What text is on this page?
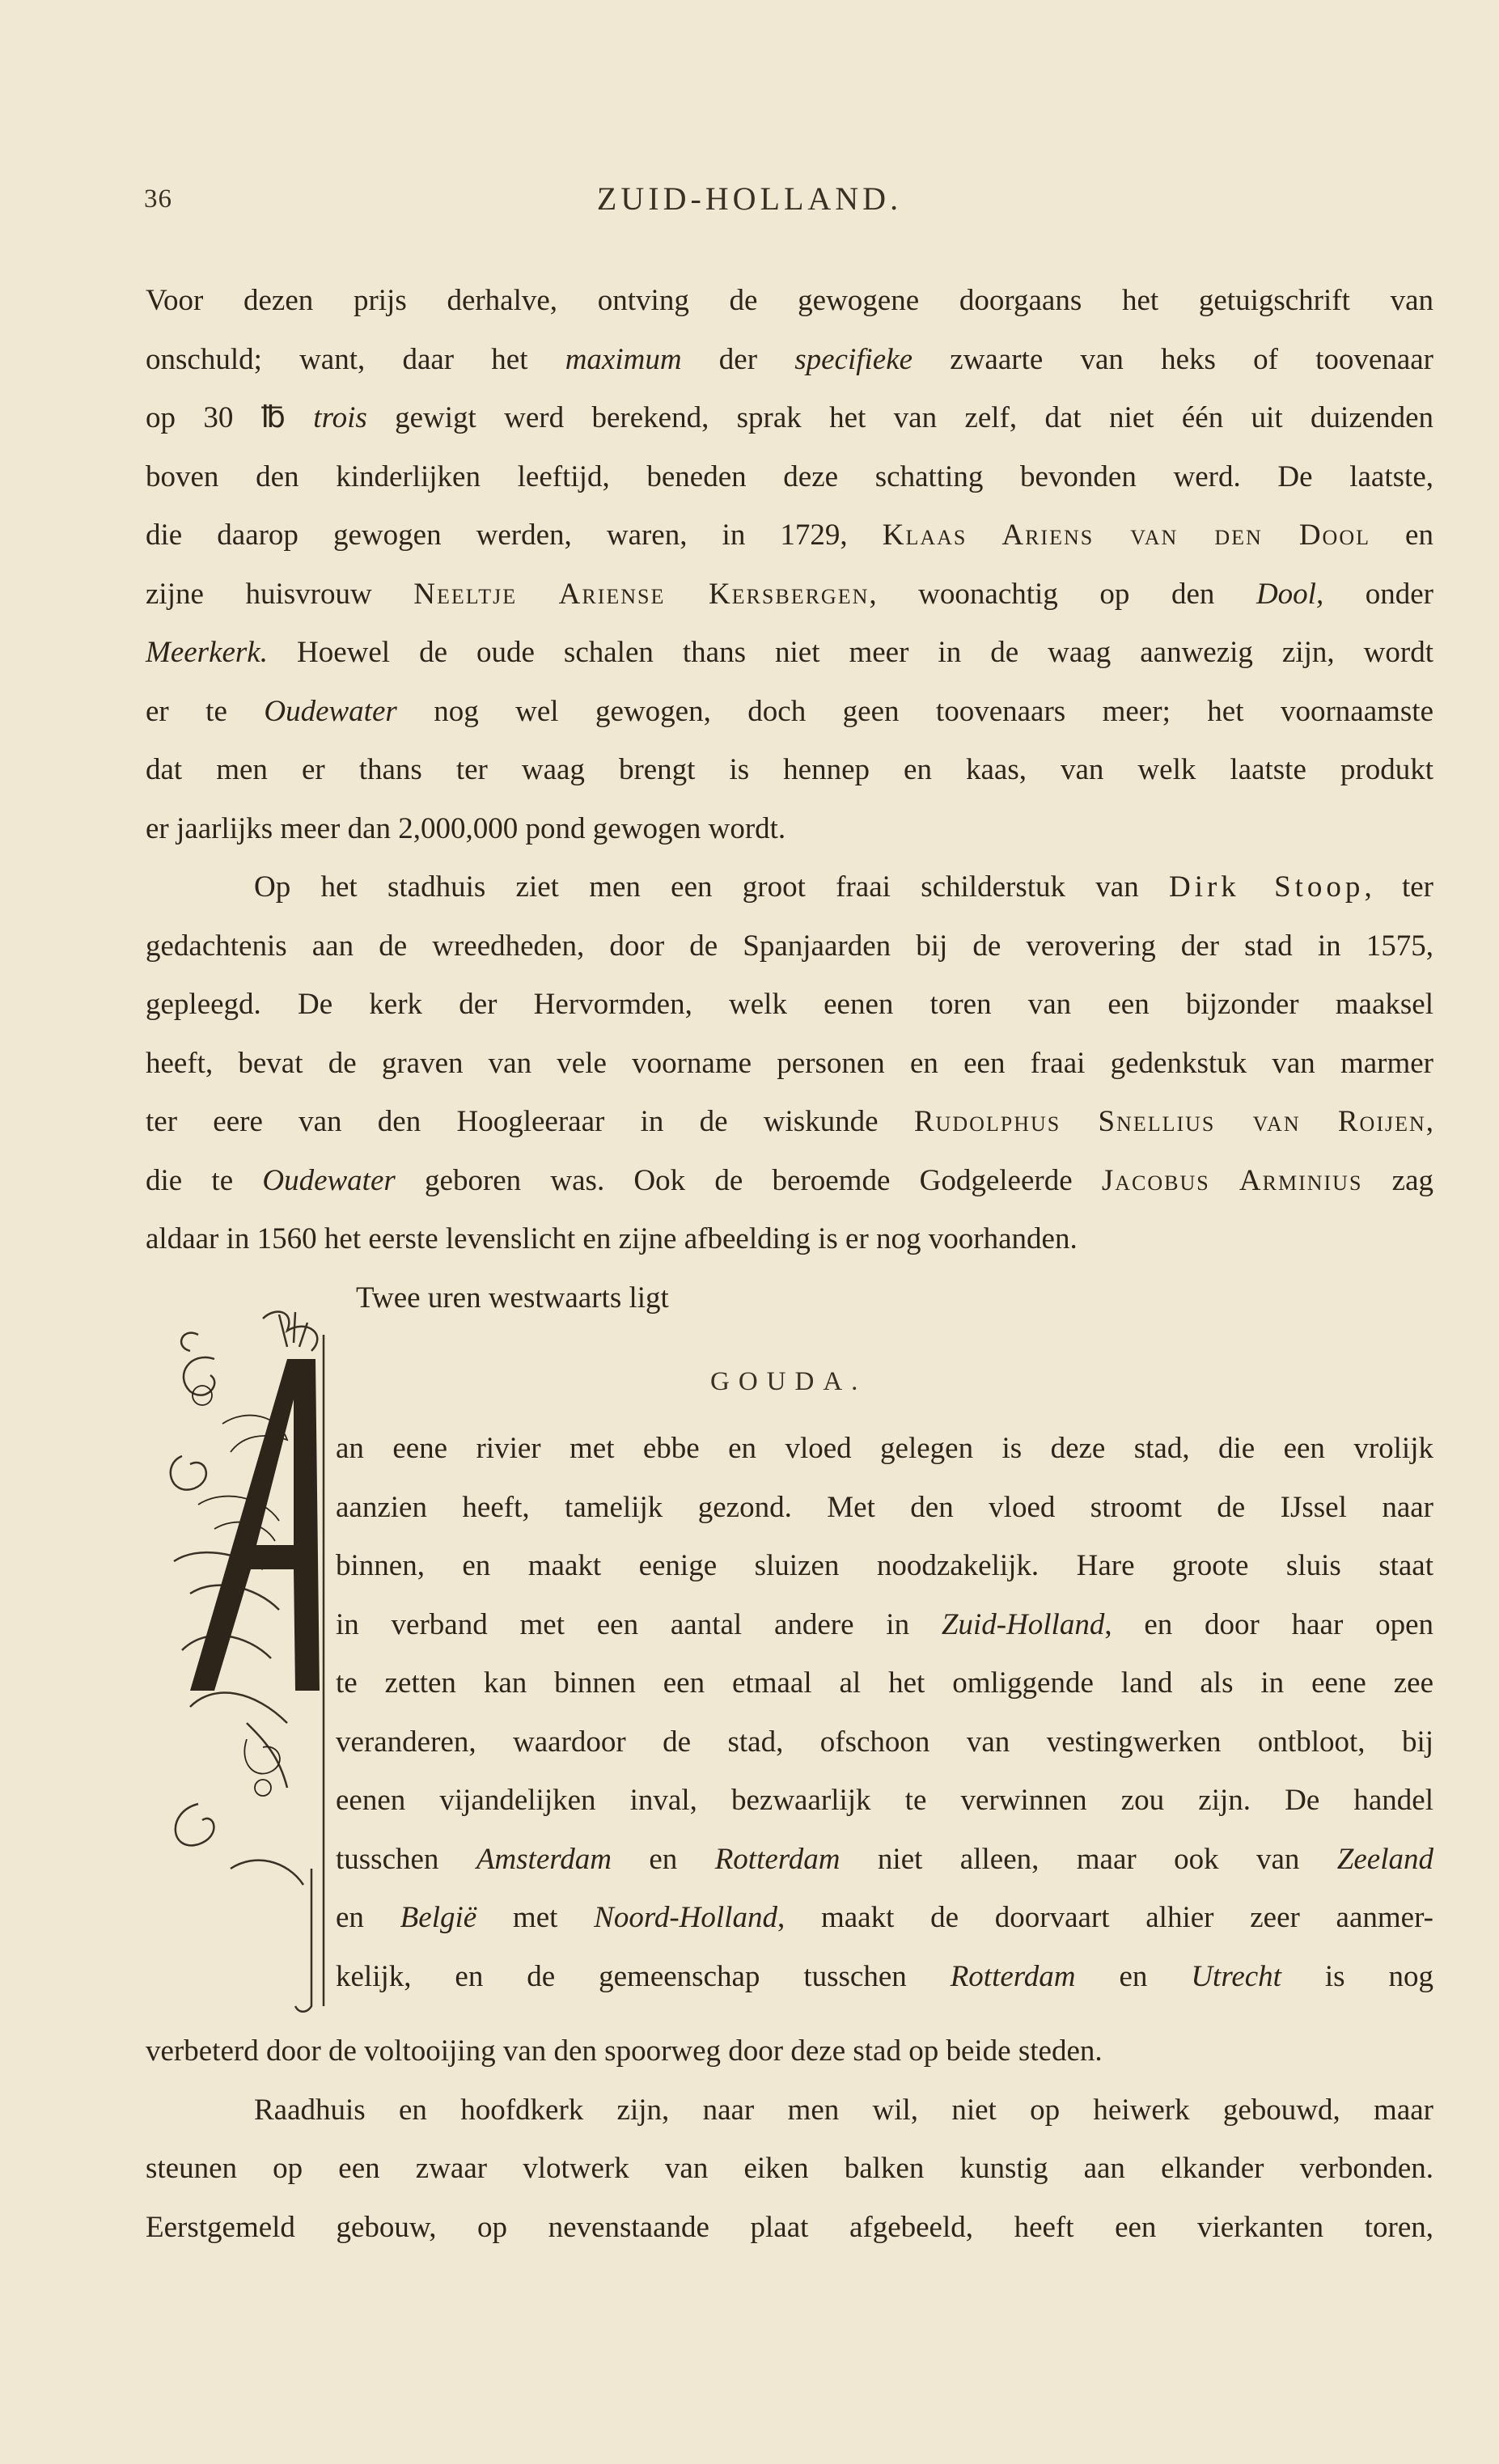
36	ZUID-HOLLAND.
Voor dezen prijs derhalve, ontving de gewogene doorgaans het getuigschrift van
onschuld; want, daar het maximum der specifieke zwaarte van heks of toovenaar
op 30 ℔ trois gewigt werd berekend, sprak het van zelf, dat niet één uit duizenden
boven den kinderlijken leeftijd, beneden deze schatting bevonden werd. De laatste,
die daarop gewogen werden, waren, in 1729, Klaas Ariens van den Dool en
zijne huisvrouw Neeltje Ariense Kersbergen, woonachtig op den Dool, onder
Meerkerk. Hoewel de oude schalen thans niet meer in de waag aanwezig zijn, wordt
er te Oudewater nog wel gewogen, doch geen toovenaars meer; het voornaamste
dat men er thans ter waag brengt is hennep en kaas, van welk laatste produkt
er jaarlijks meer dan 2,000,000 pond gewogen wordt.
Op het stadhuis ziet men een groot fraai schilderstuk van Dirk Stoop, ter
gedachtenis aan de wreedheden, door de Spanjaarden bij de verovering der stad in 1575,
gepleegd. De kerk der Hervormden, welk eenen toren van een bijzonder maaksel
heeft, bevat de graven van vele voorname personen en een fraai gedenkstuk van marmer
ter eere van den Hoogleeraar in de wiskunde Rudolphus Snellius van Roijen,
die te Oudewater geboren was. Ook de beroemde Godgeleerde Jacobus Arminius zag
aldaar in 1560 het eerste levenslicht en zijne afbeelding is er nog voorhanden.
Twee uren westwaarts ligt
A
GOUDA.
an eene rivier met ebbe en vloed gelegen is deze stad, die een vrolijk
aanzien heeft, tamelijk gezond. Met den vloed stroomt de IJssel naar
binnen, en maakt eenige sluizen noodzakelijk. Hare groote sluis staat
in verband met een aantal andere in Zuid-Holland, en door haar open
te zetten kan binnen een etmaal al het omliggende land als in eene zee
veranderen, waardoor de stad, ofschoon van vestingwerken ontbloot, bij
eenen vijandelijken inval, bezwaarlijk te verwinnen zou zijn. De handel
tusschen Amsterdam en Rotterdam niet alleen, maar ook van Zeeland
en België met Noord-Holland, maakt de doorvaart alhier zeer aanmer-
kelijk, en de gemeenschap tusschen Rotterdam en Utrecht is nog
verbeterd door de voltooijing van den spoorweg door deze stad op beide steden.
Raadhuis en hoofdkerk zijn, naar men wil, niet op heiwerk gebouwd, maar
steunen op een zwaar vlotwerk van eiken balken kunstig aan elkander verbonden.
Eerstgemeld gebouw, op nevenstaande plaat afgebeeld, heeft een vierkanten toren,
